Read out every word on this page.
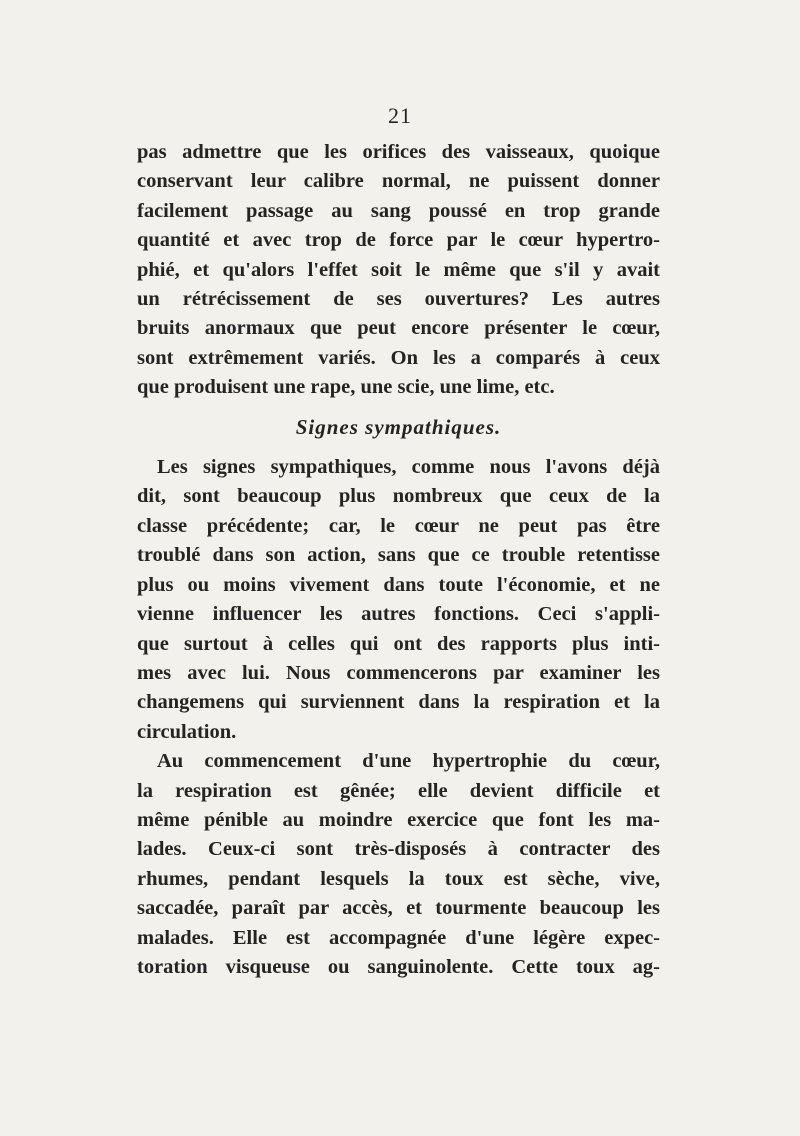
21
pas admettre que les orifices des vaisseaux, quoique
conservant leur calibre normal, ne puissent donner
facilement passage au sang poussé en trop grande
quantité et avec trop de force par le cœur hypertro-
phié, et qu'alors l'effet soit le même que s'il y avait
un rétrécissement de ses ouvertures? Les autres
bruits anormaux que peut encore présenter le cœur,
sont extrêmement variés. On les a comparés à ceux
que produisent une rape, une scie, une lime, etc.
Signes sympathiques.
Les signes sympathiques, comme nous l'avons déjà
dit, sont beaucoup plus nombreux que ceux de la
classe précédente; car, le cœur ne peut pas être
troublé dans son action, sans que ce trouble retentisse
plus ou moins vivement dans toute l'économie, et ne
vienne influencer les autres fonctions. Ceci s'appli-
que surtout à celles qui ont des rapports plus inti-
mes avec lui. Nous commencerons par examiner les
changemens qui surviennent dans la respiration et la
circulation.
Au commencement d'une hypertrophie du cœur,
la respiration est gênée; elle devient difficile et
même pénible au moindre exercice que font les ma-
lades. Ceux-ci sont très-disposés à contracter des
rhumes, pendant lesquels la toux est sèche, vive,
saccadée, paraît par accès, et tourmente beaucoup les
malades. Elle est accompagnée d'une légère expec-
toration visqueuse ou sanguinolente. Cette toux ag-
